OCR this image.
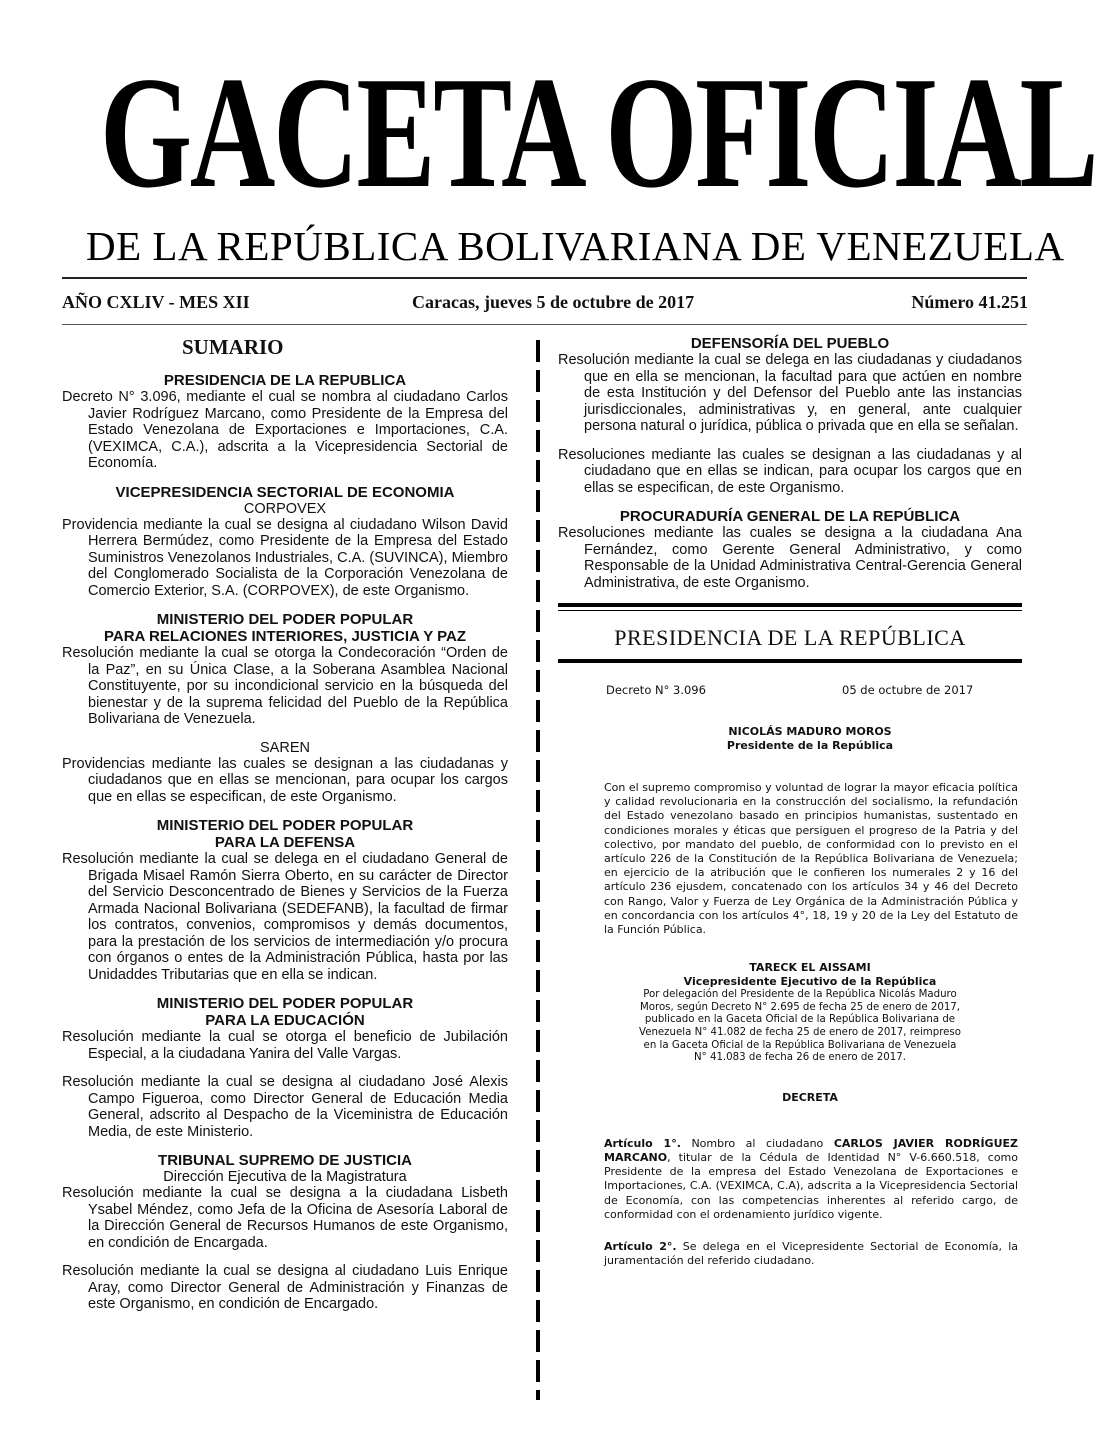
GACETA OFICIAL
DE LA REPÚBLICA BOLIVARIANA DE VENEZUELA
AÑO CXLIV - MES XII	Caracas, jueves 5 de octubre de 2017	Número 41.251
SUMARIO
PRESIDENCIA DE LA REPUBLICA

Decreto N° 3.096, mediante el cual se nombra al ciudadano Carlos Javier Rodríguez Marcano, como Presidente de la Empresa del Estado Venezolana de Exportaciones e Importaciones, C.A. (VEXIMCA, C.A.), adscrita a la Vicepresidencia Sectorial de Economía.

VICEPRESIDENCIA SECTORIAL DE ECONOMIA
CORPOVEX

Providencia mediante la cual se designa al ciudadano Wilson David Herrera Bermúdez, como Presidente de la Empresa del Estado Suministros Venezolanos Industriales, C.A. (SUVINCA), Miembro del Conglomerado Socialista de la Corporación Venezolana de Comercio Exterior, S.A. (CORPOVEX), de este Organismo.

MINISTERIO DEL PODER POPULAR
PARA RELACIONES INTERIORES, JUSTICIA Y PAZ

Resolución mediante la cual se otorga la Condecoración “Orden de la Paz”, en su Única Clase, a la Soberana Asamblea Nacional Constituyente, por su incondicional servicio en la búsqueda del bienestar y de la suprema felicidad del Pueblo de la República Bolivariana de Venezuela.

SAREN

Providencias mediante las cuales se designan a las ciudadanas y ciudadanos que en ellas se mencionan, para ocupar los cargos que en ellas se especifican, de este Organismo.

MINISTERIO DEL PODER POPULAR
PARA LA DEFENSA

Resolución mediante la cual se delega en el ciudadano General de Brigada Misael Ramón Sierra Oberto, en su carácter de Director del Servicio Desconcentrado de Bienes y Servicios de la Fuerza Armada Nacional Bolivariana (SEDEFANB), la facultad de firmar los contratos, convenios, compromisos y demás documentos, para la prestación de los servicios de intermediación y/o procura con órganos o entes de la Administración Pública, hasta por las Unidaddes Tributarias que en ella se indican.

MINISTERIO DEL PODER POPULAR
PARA LA EDUCACIÓN

Resolución mediante la cual se otorga el beneficio de Jubilación Especial, a la ciudadana Yanira del Valle Vargas.

Resolución mediante la cual se designa al ciudadano José Alexis Campo Figueroa, como Director General de Educación Media General, adscrito al Despacho de la Viceministra de Educación Media, de este Ministerio.

TRIBUNAL SUPREMO DE JUSTICIA
Dirección Ejecutiva de la Magistratura

Resolución mediante la cual se designa a la ciudadana Lisbeth Ysabel Méndez, como Jefa de la Oficina de Asesoría Laboral de la Dirección General de Recursos Humanos de este Organismo, en condición de Encargada.

Resolución mediante la cual se designa al ciudadano Luis Enrique Aray, como Director General de Administración y Finanzas de este Organismo, en condición de Encargado.

DEFENSORÍA DEL PUEBLO

Resolución mediante la cual se delega en las ciudadanas y ciudadanos que en ella se mencionan, la facultad para que actúen en nombre de esta Institución y del Defensor del Pueblo ante las instancias jurisdiccionales, administrativas y, en general, ante cualquier persona natural o jurídica, pública o privada que en ella se señalan.

Resoluciones mediante las cuales se designan a las ciudadanas y al ciudadano que en ellas se indican, para ocupar los cargos que en ellas se especifican, de este Organismo.

PROCURADURÍA GENERAL DE LA REPÚBLICA

Resoluciones mediante las cuales se designa a la ciudadana Ana Fernández, como Gerente General Administrativo, y como Responsable de la Unidad Administrativa Central-Gerencia General Administrativa, de este Organismo.

PRESIDENCIA DE LA REPÚBLICA
Decreto N° 3.096	05 de octubre de 2017
NICOLÁS MADURO MOROS
Presidente de la República

Con el supremo compromiso y voluntad de lograr la mayor eficacia política y calidad revolucionaria en la construcción del socialismo, la refundación del Estado venezolano basado en principios humanistas, sustentado en condiciones morales y éticas que persiguen el progreso de la Patria y del colectivo, por mandato del pueblo, de conformidad con lo previsto en el artículo 226 de la Constitución de la República Bolivariana de Venezuela; en ejercicio de la atribución que le confieren los numerales 2 y 16 del artículo 236 ejusdem, concatenado con los artículos 34 y 46 del Decreto con Rango, Valor y Fuerza de Ley Orgánica de la Administración Pública y en concordancia con los artículos 4°, 18, 19 y 20 de la Ley del Estatuto de la Función Pública.

TARECK EL AISSAMI
Vicepresidente Ejecutivo de la República
Por delegación del Presidente de la República Nicolás Maduro Moros, según Decreto N° 2.695 de fecha 25 de enero de 2017, publicado en la Gaceta Oficial de la República Bolivariana de Venezuela N° 41.082 de fecha 25 de enero de 2017, reimpreso en la Gaceta Oficial de la República Bolivariana de Venezuela N° 41.083 de fecha 26 de enero de 2017.
DECRETA

Artículo 1°. Nombro al ciudadano CARLOS JAVIER RODRÍGUEZ MARCANO, titular de la Cédula de Identidad N° V-6.660.518, como Presidente de la empresa del Estado Venezolana de Exportaciones e Importaciones, C.A. (VEXIMCA, C.A), adscrita a la Vicepresidencia Sectorial de Economía, con las competencias inherentes al referido cargo, de conformidad con el ordenamiento jurídico vigente.

Artículo 2°. Se delega en el Vicepresidente Sectorial de Economía, la juramentación del referido ciudadano.
